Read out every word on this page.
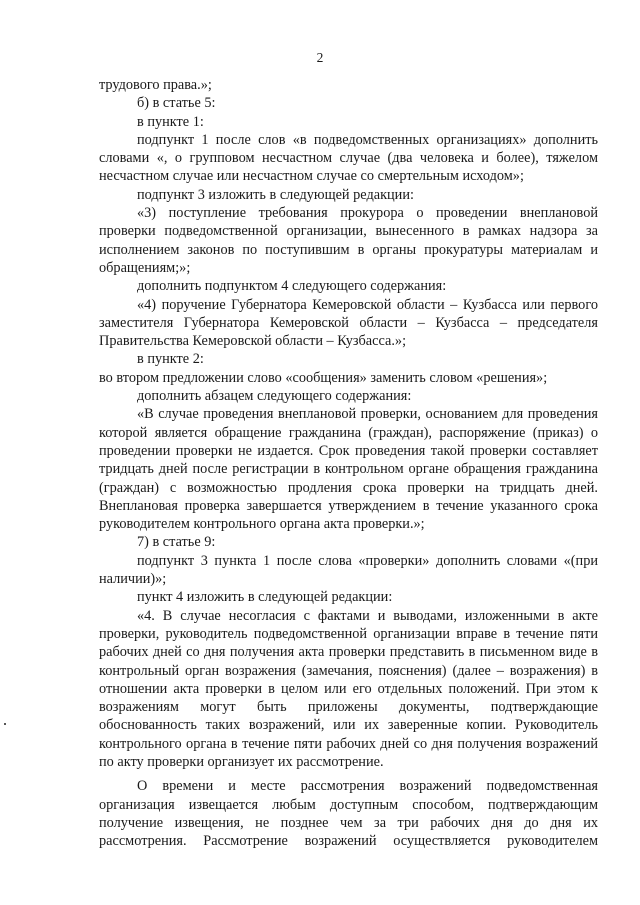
2

трудового права.»;

б) в статье 5:

в пункте 1:

подпункт 1 после слов «в подведомственных организациях» дополнить словами «, о групповом несчастном случае (два человека и более), тяжелом несчастном случае или несчастном случае со смертельным исходом»;

подпункт 3 изложить в следующей редакции:

«3) поступление требования прокурора о проведении внеплановой проверки подведомственной организации, вынесенного в рамках надзора за исполнением законов по поступившим в органы прокуратуры материалам и обращениям;»;

дополнить подпунктом 4 следующего содержания:

«4) поручение Губернатора Кемеровской области – Кузбасса или первого заместителя Губернатора Кемеровской области – Кузбасса – председателя Правительства Кемеровской области – Кузбасса.»;

в пункте 2:

во втором предложении слово «сообщения» заменить словом «решения»;

дополнить абзацем следующего содержания:

«В случае проведения внеплановой проверки, основанием для проведения которой является обращение гражданина (граждан), распоряжение (приказ) о проведении проверки не издается. Срок проведения такой проверки составляет тридцать дней после регистрации в контрольном органе обращения гражданина (граждан) с возможностью продления срока проверки на тридцать дней. Внеплановая проверка завершается утверждением в течение указанного срока руководителем контрольного органа акта проверки.»;

7) в статье 9:

подпункт 3 пункта 1 после слова «проверки» дополнить словами «(при наличии)»;

пункт 4 изложить в следующей редакции:

«4. В случае несогласия с фактами и выводами, изложенными в акте проверки, руководитель подведомственной организации вправе в течение пяти рабочих дней со дня получения акта проверки представить в письменном виде в контрольный орган возражения (замечания, пояснения) (далее – возражения) в отношении акта проверки в целом или его отдельных положений. При этом к возражениям могут быть приложены документы, подтверждающие обоснованность таких возражений, или их заверенные копии. Руководитель контрольного органа в течение пяти рабочих дней со дня получения возражений по акту проверки организует их рассмотрение.

О времени и месте рассмотрения возражений подведомственная организация извещается любым доступным способом, подтверждающим получение извещения, не позднее чем за три рабочих дня до дня их рассмотрения. Рассмотрение возражений осуществляется руководителем
